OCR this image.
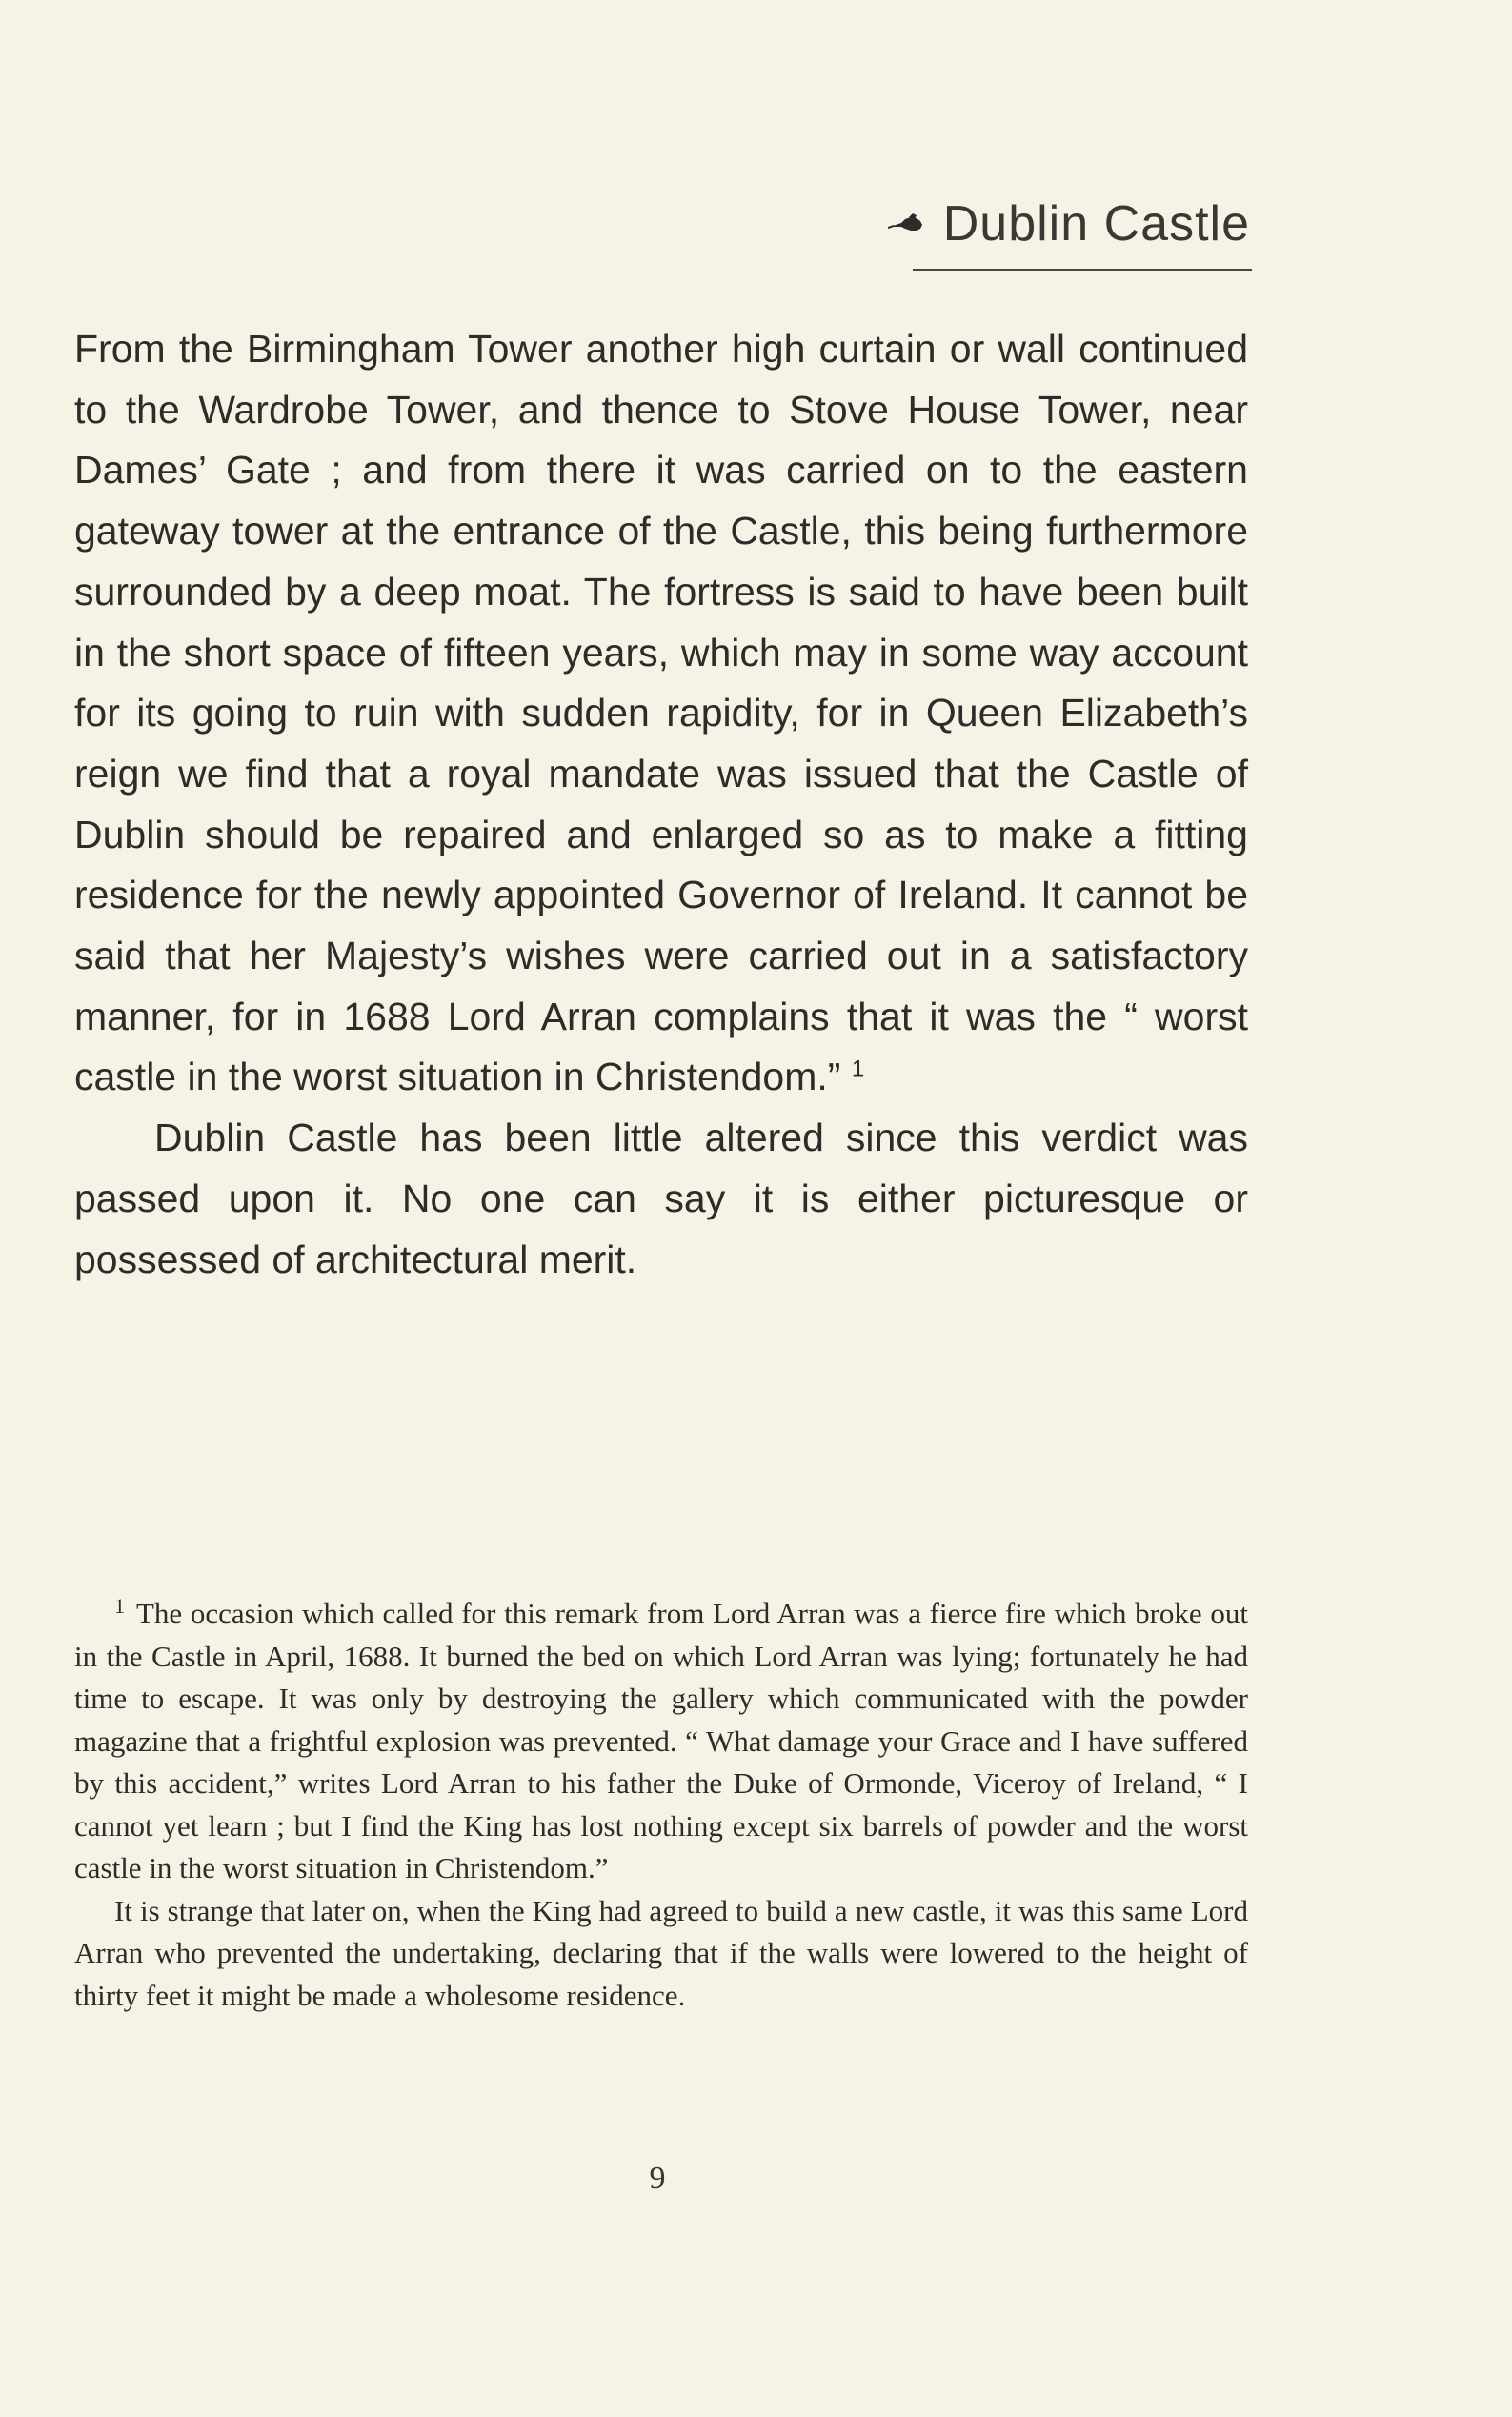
Dublin Castle

From the Birmingham Tower another high curtain or wall continued to the Wardrobe Tower, and thence to Stove House Tower, near Dames’ Gate ; and from there it was carried on to the eastern gateway tower at the entrance of the Castle, this being furthermore surrounded by a deep moat. The fortress is said to have been built in the short space of fifteen years, which may in some way account for its going to ruin with sudden rapidity, for in Queen Elizabeth’s reign we find that a royal mandate was issued that the Castle of Dublin should be repaired and enlarged so as to make a fitting residence for the newly appointed Governor of Ireland. It cannot be said that her Majesty’s wishes were carried out in a satisfactory manner, for in 1688 Lord Arran complains that it was the “ worst castle in the worst situation in Christendom.” $^1$

Dublin Castle has been little altered since this verdict was passed upon it. No one can say it is either picturesque or possessed of architectural merit.

$^1$ The occasion which called for this remark from Lord Arran was a fierce fire which broke out in the Castle in April, 1688. It burned the bed on which Lord Arran was lying; fortunately he had time to escape. It was only by destroying the gallery which communicated with the powder magazine that a frightful explosion was prevented. “ What damage your Grace and I have suffered by this accident,” writes Lord Arran to his father the Duke of Ormonde, Viceroy of Ireland, “ I cannot yet learn ; but I find the King has lost nothing except six barrels of powder and the worst castle in the worst situation in Christendom.”

It is strange that later on, when the King had agreed to build a new castle, it was this same Lord Arran who prevented the undertaking, declaring that if the walls were lowered to the height of thirty feet it might be made a wholesome residence.

9
